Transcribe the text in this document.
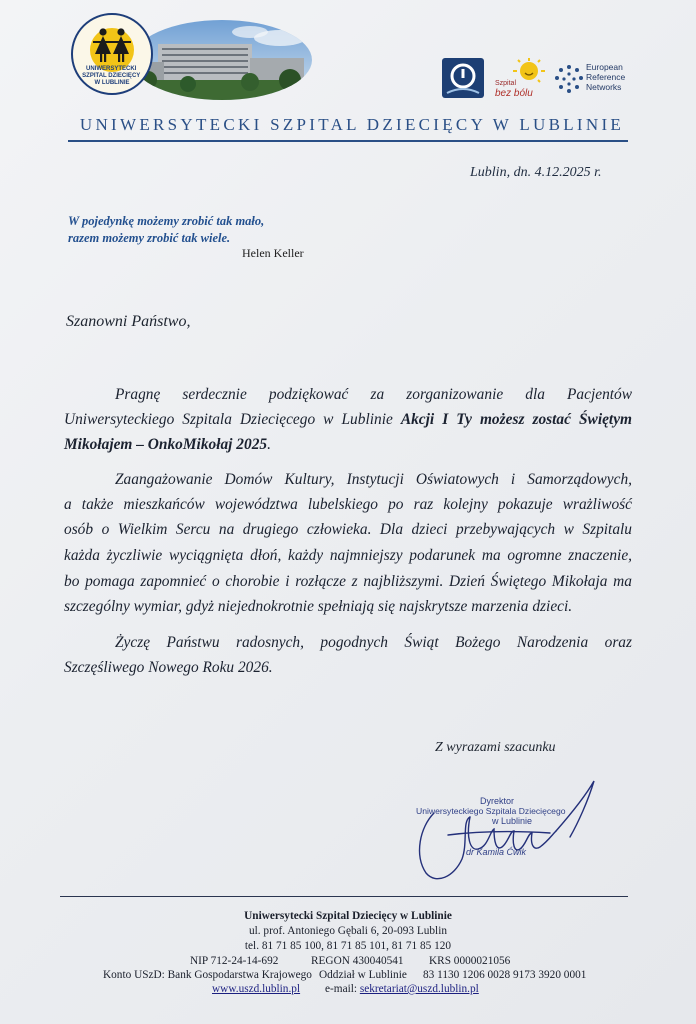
UNIWERSYTECKI SZPITAL DZIECIĘCY W LUBLINIE	Szpital
bez bólu
European
Reference
Networks
UNIWERSYTECKI SZPITAL DZIECIĘCY W LUBLINIE
Lublin, dn. 4.12.2025 r.
W pojedynkę możemy zrobić tak mało,
razem możemy zrobić tak wiele.
Helen Keller
Szanowni Państwo,
Pragnę serdecznie podziękować za zorganizowanie dla Pacjentów
Uniwersyteckiego Szpitala Dziecięcego w Lublinie Akcji I Ty możesz zostać Świętym
Mikołajem – OnkoMikołaj 2025.
Zaangażowanie Domów Kultury, Instytucji Oświatowych i Samorządowych,
a także mieszkańców województwa lubelskiego po raz kolejny pokazuje wrażliwość
osób o Wielkim Sercu na drugiego człowieka. Dla dzieci przebywających w Szpitalu
każda życzliwie wyciągnięta dłoń, każdy najmniejszy podarunek ma ogromne znaczenie,
bo pomaga zapomnieć o chorobie i rozłącze z najbliższymi. Dzień Świętego Mikołaja ma
szczególny wymiar, gdyż niejednokrotnie spełniają się najskrytsze marzenia dzieci.
Życzę Państwu radosnych, pogodnych Świąt Bożego Narodzenia oraz
Szczęśliwego Nowego Roku 2026.
Z wyrazami szacunku
Dyrektor
Uniwersyteckiego Szpitala Dziecięcego
w Lublinie
dr Kamila Ćwik
Uniwersytecki Szpital Dziecięcy w Lublinie
ul. prof. Antoniego Gębali 6, 20-093 Lublin
tel. 81 71 85 100, 81 71 85 101, 81 71 85 120
NIP 712-24-14-692	REGON 430040541 KRS 0000021056
Konto USzD: Bank Gospodarstwa Krajowego Oddział w Lublinie 83 1130 1206 0028 9173 3920 0001
www.uszd.lublin.pl e-mail: sekretariat@uszd.lublin.pl
